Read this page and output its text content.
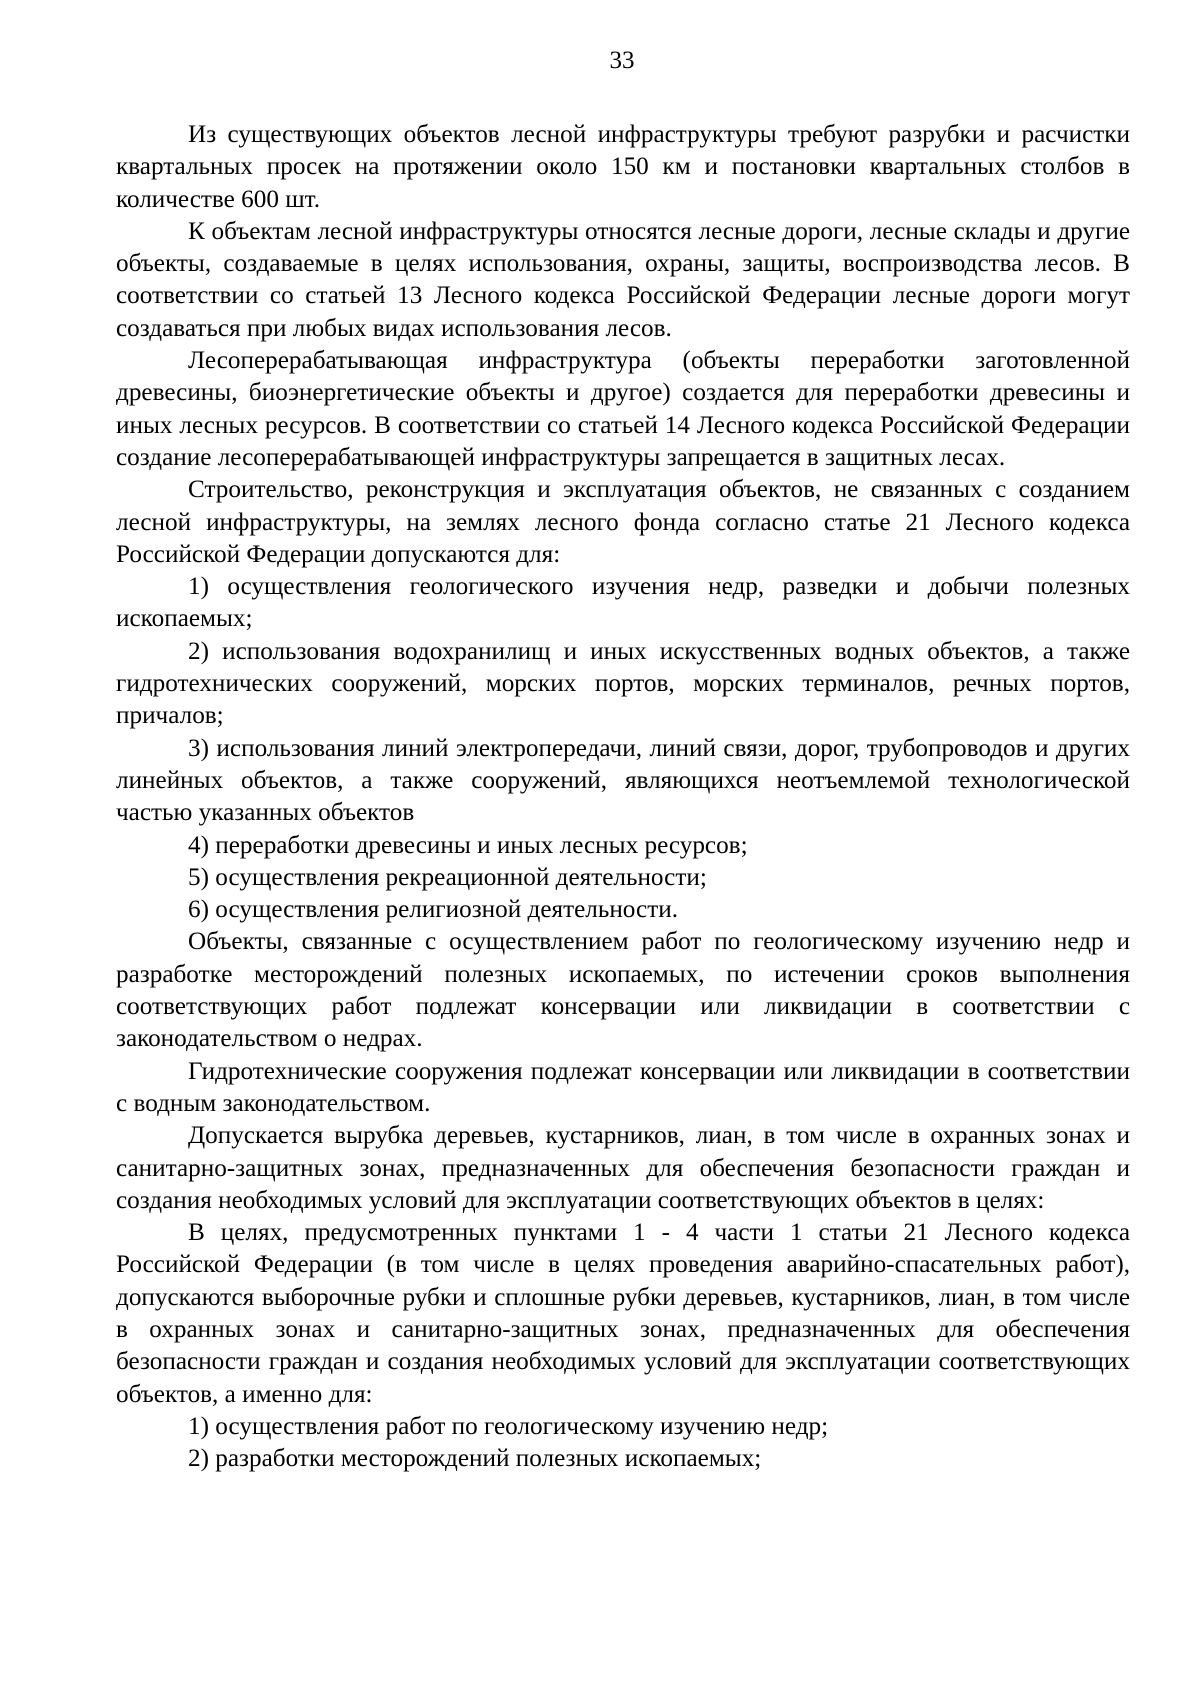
33

Из существующих объектов лесной инфраструктуры требуют разрубки и расчистки квартальных просек на протяжении около 150 км и постановки квартальных столбов в количестве 600 шт.

К объектам лесной инфраструктуры относятся лесные дороги, лесные склады и другие объекты, создаваемые в целях использования, охраны, защиты, воспроизводства лесов. В соответствии со статьей 13 Лесного кодекса Российской Федерации лесные дороги могут создаваться при любых видах использования лесов.

Лесоперерабатывающая инфраструктура (объекты переработки заготовленной древесины, биоэнергетические объекты и другое) создается для переработки древесины и иных лесных ресурсов. В соответствии со статьей 14 Лесного кодекса Российской Федерации создание лесоперерабатывающей инфраструктуры запрещается в защитных лесах.

Строительство, реконструкция и эксплуатация объектов, не связанных с созданием лесной инфраструктуры, на землях лесного фонда согласно статье 21 Лесного кодекса Российской Федерации допускаются для:

1) осуществления геологического изучения недр, разведки и добычи полезных ископаемых;

2) использования водохранилищ и иных искусственных водных объектов, а также гидротехнических сооружений, морских портов, морских терминалов, речных портов, причалов;

3) использования линий электропередачи, линий связи, дорог, трубопроводов и других линейных объектов, а также сооружений, являющихся неотъемлемой технологической частью указанных объектов

4) переработки древесины и иных лесных ресурсов;

5) осуществления рекреационной деятельности;

6) осуществления религиозной деятельности.

Объекты, связанные с осуществлением работ по геологическому изучению недр и разработке месторождений полезных ископаемых, по истечении сроков выполнения соответствующих работ подлежат консервации или ликвидации в соответствии с законодательством о недрах.

Гидротехнические сооружения подлежат консервации или ликвидации в соответствии с водным законодательством.

Допускается вырубка деревьев, кустарников, лиан, в том числе в охранных зонах и санитарно-защитных зонах, предназначенных для обеспечения безопасности граждан и создания необходимых условий для эксплуатации соответствующих объектов в целях:

В целях, предусмотренных пунктами 1 - 4 части 1 статьи 21 Лесного кодекса Российской Федерации (в том числе в целях проведения аварийно-спасательных работ), допускаются выборочные рубки и сплошные рубки деревьев, кустарников, лиан, в том числе в охранных зонах и санитарно-защитных зонах, предназначенных для обеспечения безопасности граждан и создания необходимых условий для эксплуатации соответствующих объектов, а именно для:

1) осуществления работ по геологическому изучению недр;

2) разработки месторождений полезных ископаемых;
